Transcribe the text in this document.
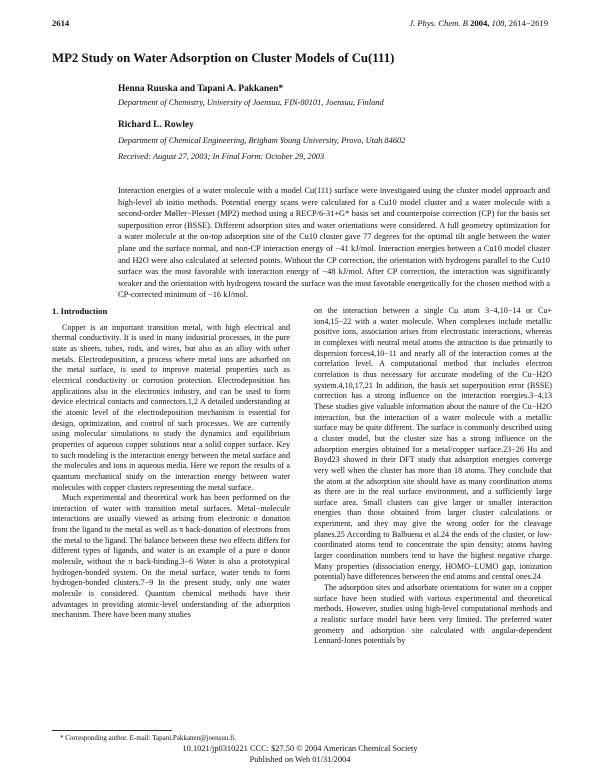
2614	J. Phys. Chem. B 2004, 108, 2614−2619
MP2 Study on Water Adsorption on Cluster Models of Cu(111)
Henna Ruuska and Tapani A. Pakkanen*
Department of Chemistry, University of Joensuu, FIN-80101, Joensuu, Finland
Richard L. Rowley
Department of Chemical Engineering, Brigham Young University, Provo, Utah 84602
Received: August 27, 2003; In Final Form: October 29, 2003
Interaction energies of a water molecule with a model Cu(111) surface were investigated using the cluster model approach and high-level ab initio methods. Potential energy scans were calculated for a Cu10 model cluster and a water molecule with a second-order Møller−Plesset (MP2) method using a RECP/6-31+G* basis set and counterpoise correction (CP) for the basis set superposition error (BSSE). Different adsorption sites and water orientations were considered. A full geometry optimization for a water molecule at the on-top adsorption site of the Cu10 cluster gave 77 degrees for the optimal tilt angle between the water plane and the surface normal, and non-CP interaction energy of −41 kJ/mol. Interaction energies between a Cu10 model cluster and H2O were also calculated at selected points. Without the CP correction, the orientation with hydrogens parallel to the Cu10 surface was the most favorable with interaction energy of −48 kJ/mol. After CP correction, the interaction was significantly weaker and the orientation with hydrogens toward the surface was the most favorable energetically for the chosen method with a CP-corrected minimum of −16 kJ/mol.
1. Introduction

Copper is an important transition metal, with high electrical and thermal conductivity. It is used in many industrial processes, in the pure state as sheets, tubes, rods, and wires, but also as an alloy with other metals. Electrodeposition, a process where metal ions are adsorbed on the metal surface, is used to improve material properties such as electrical conductivity or corrosion protection. Electrodeposition has applications also in the electronics industry, and can be used to form device electrical contacts and connectors.1,2 A detailed understanding at the atomic level of the electrodeposition mechanism is essential for design, optimization, and control of such processes. We are currently using molecular simulations to study the dynamics and equilibrium properties of aqueous copper solutions near a solid copper surface. Key to such modeling is the interaction energy between the metal surface and the molecules and ions in aqueous media. Here we report the results of a quantum mechanical study on the interaction energy between water molecules with copper clusters representing the metal surface.

Much experimental and theoretical work has been performed on the interaction of water with transition metal surfaces. Metal−molecule interactions are usually viewed as arising from electronic σ donation from the ligand to the metal as well as π back-donation of electrons from the metal to the ligand. The balance between these two effects differs for different types of ligands, and water is an example of a pure σ donor molecule, without the π back-binding.3−6 Water is also a prototypical hydrogen-bonded system. On the metal surface, water tends to form hydrogen-bonded clusters.7−9 In the present study, only one water molecule is considered. Quantum chemical methods have their advantages in providing atomic-level understanding of the adsorption mechanism. There have been many studies

on the interaction between a single Cu atom 3−4,10−14 or Cu+ ion4,15−22 with a water molecule. When complexes include metallic positive ions, association arises from electrostatic interactions, whereas in complexes with neutral metal atoms the attraction is due primarily to dispersion forces4,10−11 and nearly all of the interaction comes at the correlation level. A computational method that includes electron correlation is thus necessary for accurate modeling of the Cu−H2O system.4,10,17,21 In addition, the basis set superposition error (BSSE) correction has a strong influence on the interaction energies.3−4,13 These studies give valuable information about the nature of the Cu−H2O interaction, but the interaction of a water molecule with a metallic surface may be quite different. The surface is commonly described using a cluster model, but the cluster size has a strong influence on the adsorption energies obtained for a metal/copper surface.23−26 Hu and Boyd23 showed in their DFT study that adsorption energies converge very well when the cluster has more than 18 atoms. They conclude that the atom at the adsorption site should have as many coordination atoms as there are in the real surface environment, and a sufficiently large surface area. Small clusters can give larger or smaller interaction energies than those obtained from larger cluster calculations or experiment, and they may give the wrong order for the cleavage planes.25 According to Balbuena et al.24 the ends of the cluster, or low-coordinated atoms tend to concentrate the spin density; atoms having larger coordination numbers tend to have the highest negative charge. Many properties (dissociation energy, HOMO−LUMO gap, ionization potential) have differences between the end atoms and central ones.24

The adsorption sites and adsorbate orientations for water on a copper surface have been studied with various experimental and theoretical methods. However, studies using high-level computational methods and a realistic surface model have been very limited. The preferred water geometry and adsorption site calculated with angular-dependent Lennard-Jones potentials by

* Corresponding author. E-mail: Tapani.Pakkanen@joensuu.fi.
10.1021/jp0310221 CCC: $27.50 © 2004 American Chemical Society
Published on Web 01/31/2004
